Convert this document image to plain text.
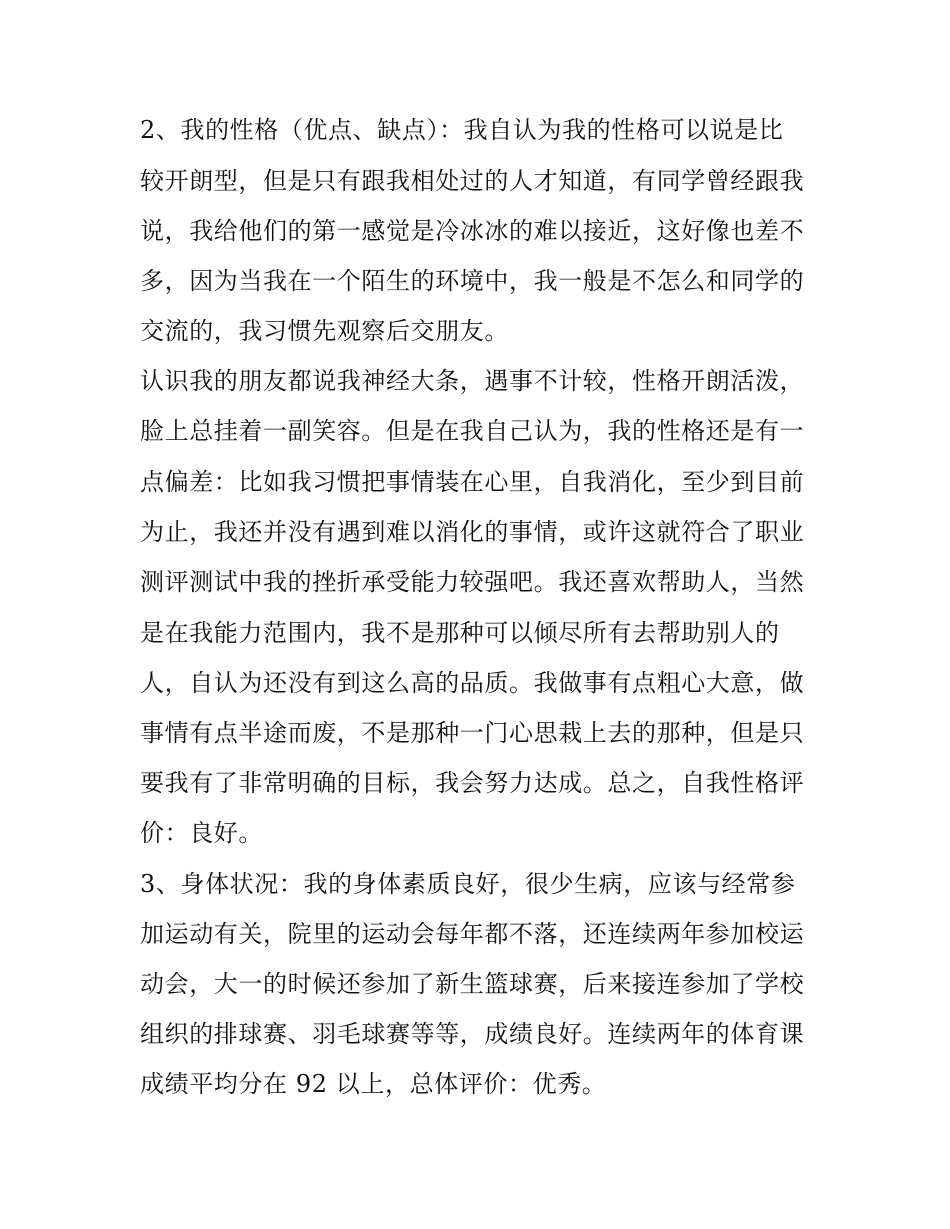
2、我的性格（优点、缺点）：我自认为我的性格可以说是比
较开朗型，但是只有跟我相处过的人才知道，有同学曾经跟我
说，我给他们的第一感觉是冷冰冰的难以接近，这好像也差不
多，因为当我在一个陌生的环境中，我一般是不怎么和同学的
交流的，我习惯先观察后交朋友。
认识我的朋友都说我神经大条，遇事不计较，性格开朗活泼，
脸上总挂着一副笑容。但是在我自己认为，我的性格还是有一
点偏差：比如我习惯把事情装在心里，自我消化，至少到目前
为止，我还并没有遇到难以消化的事情，或许这就符合了职业
测评测试中我的挫折承受能力较强吧。我还喜欢帮助人，当然
是在我能力范围内，我不是那种可以倾尽所有去帮助别人的
人，自认为还没有到这么高的品质。我做事有点粗心大意，做
事情有点半途而废，不是那种一门心思栽上去的那种，但是只
要我有了非常明确的目标，我会努力达成。总之，自我性格评
价：良好。
3、身体状况：我的身体素质良好，很少生病，应该与经常参
加运动有关，院里的运动会每年都不落，还连续两年参加校运
动会，大一的时候还参加了新生篮球赛，后来接连参加了学校
组织的排球赛、羽毛球赛等等，成绩良好。连续两年的体育课
成绩平均分在 92 以上，总体评价：优秀。
